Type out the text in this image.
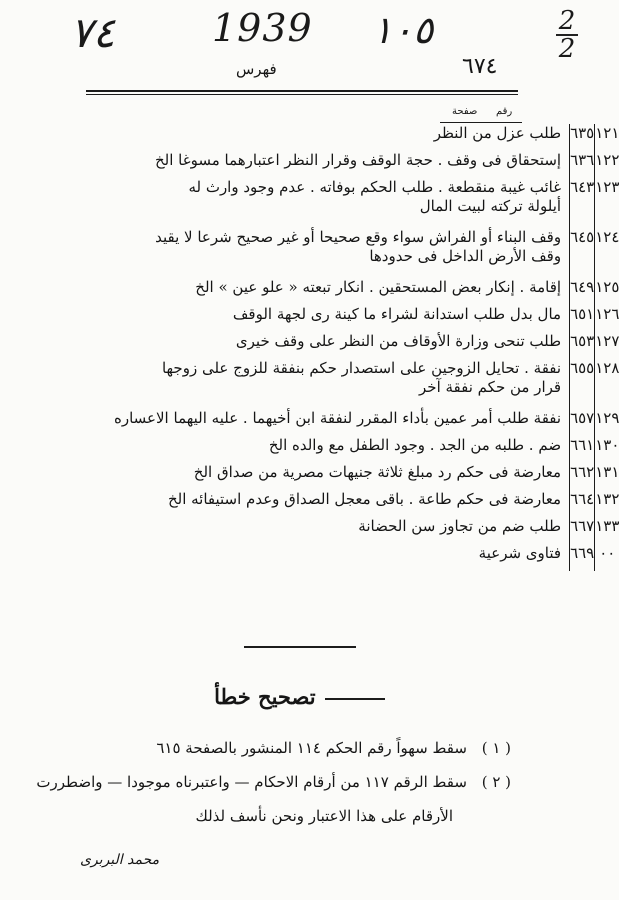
٧٤	1939 ١٠٥	2
2
فهرس	٦٧٤
رقم
صفحة
١٢١	٦٣٥	طلب عزل من النظر
١٢٢	٦٣٦	إستحقاق فى وقف . حجة الوقف وقرار النظر اعتبارهما مسوغا الخ
١٢٣	٦٤٣	غائب غيبة منقطعة . طلب الحكم بوفاته . عدم وجود وارث له
أيلولة تركته لبيت المال

١٢٤	٦٤٥	وقف البناء أو الفراش سواء وقع صحيحا أو غير صحيح شرعا لا يقيد
وقف الأرض الداخل فى حدودها

١٢٥	٦٤٩	إقامة . إنكار بعض المستحقين . انكار تبعته « علو عين » الخ
١٢٦	٦٥١	مال بدل طلب استدانة لشراء ما كينة رى لجهة الوقف
١٢٧	٦٥٣	طلب تنحى وزارة الأوقاف من النظر على وقف خيرى
١٢٨	٦٥٥	نفقة . تحايل الزوجين على استصدار حكم بنفقة للزوج على زوجها
قرار من حكم نفقة آخر

١٢٩	٦٥٧	نفقة طلب أمر عمين بأداء المقرر لنفقة ابن أخيهما . عليه اليهما الاعساره
١٣٠	٦٦١	ضم . طلبه من الجد . وجود الطفل مع والده الخ
١٣١	٦٦٢	معارضة فى حكم رد مبلغ ثلاثة جنيهات مصرية من صداق الخ
١٣٢	٦٦٤	معارضة فى حكم طاعة . باقى معجل الصداق وعدم استيفائه الخ
١٣٣	٦٦٧	طلب ضم من تجاوز سن الحضانة
٠٠	٦٦٩	فتاوى شرعية
تصحيح خطأ
( ١ ) سقط سهواً رقم الحكم ١١٤ المنشور بالصفحة ٦١٥
( ٢ ) سقط الرقم ١١٧ من أرقام الاحكام — واعتبرناه موجودا — واضطررت
الأرقام على هذا الاعتبار ونحن نأسف لذلك
محمد البربرى
